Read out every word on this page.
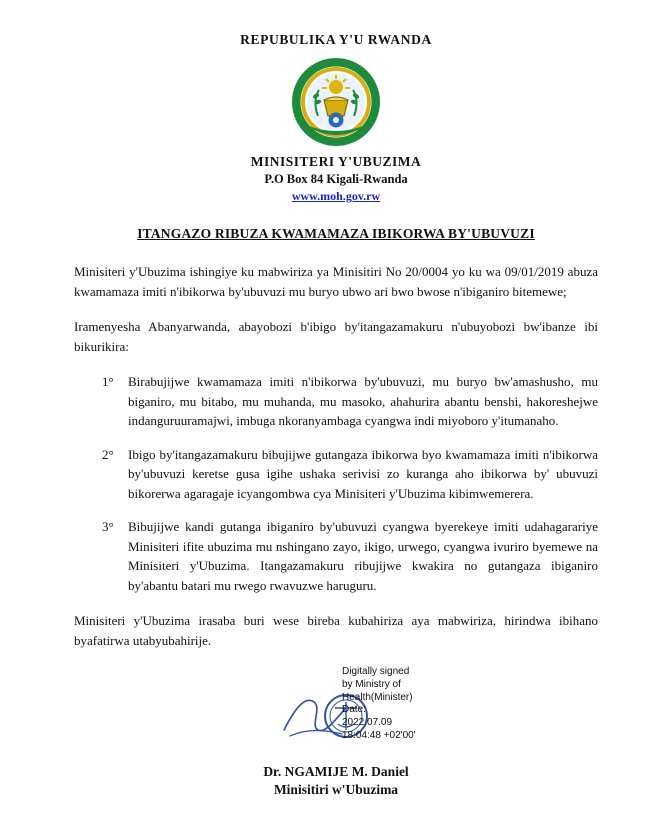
REPUBULIKA Y'U RWANDA
MINISITERI Y'UBUZIMA
P.O Box 84 Kigali-Rwanda
www.moh.gov.rw
ITANGAZO RIBUZA KWAMAMAZA IBIKORWA BY'UBUVUZI

Minisiteri y'Ubuzima ishingiye ku mabwiriza ya Minisitiri No 20/0004 yo ku wa 09/01/2019 abuza kwamamaza imiti n'ibikorwa by'ubuvuzi mu buryo ubwo ari bwo bwose n'ibiganiro bitemewe;

Iramenyesha Abanyarwanda, abayobozi b'ibigo by'itangazamakuru n'ubuyobozi bw'ibanze ibi bikurikira:

1° Birabujijwe kwamamaza imiti n'ibikorwa by'ubuvuzi, mu buryo bw'amashusho, mu biganiro, mu bitabo, mu muhanda, mu masoko, ahahurira abantu benshi, hakoreshejwe indanguruuramajwi, imbuga nkoranyambaga cyangwa indi miyoboro y'itumanaho.
2° Ibigo by'itangazamakuru bibujijwe gutangaza ibikorwa byo kwamamaza imiti n'ibikorwa by'ubuvuzi keretse gusa igihe ushaka serivisi zo kuranga aho ibikorwa by' ubuvuzi bikorerwa agaragaje icyangombwa cya Minisiteri y'Ubuzima kibimwemerera.
3° Bibujijwe kandi gutanga ibiganiro by'ubuvuzi cyangwa byerekeye imiti udahagarariye Minisiteri ifite ubuzima mu nshingano zayo, ikigo, urwego, cyangwa ivuriro byemewe na Minisiteri y'Ubuzima. Itangazamakuru ribujijwe kwakira no gutangaza ibiganiro by'abantu batari mu rwego rwavuzwe haruguru.

Minisiteri y'Ubuzima irasaba buri wese bireba kubahiriza aya mabwiriza, hirindwa ibihano byafatirwa utabyubahirije.

Digitally signed
by Ministry of
Health(Minister)
Date:
2022.07.09
18:04:48 +02'00'
Dr. NGAMIJE M. Daniel
Minisitiri w'Ubuzima
